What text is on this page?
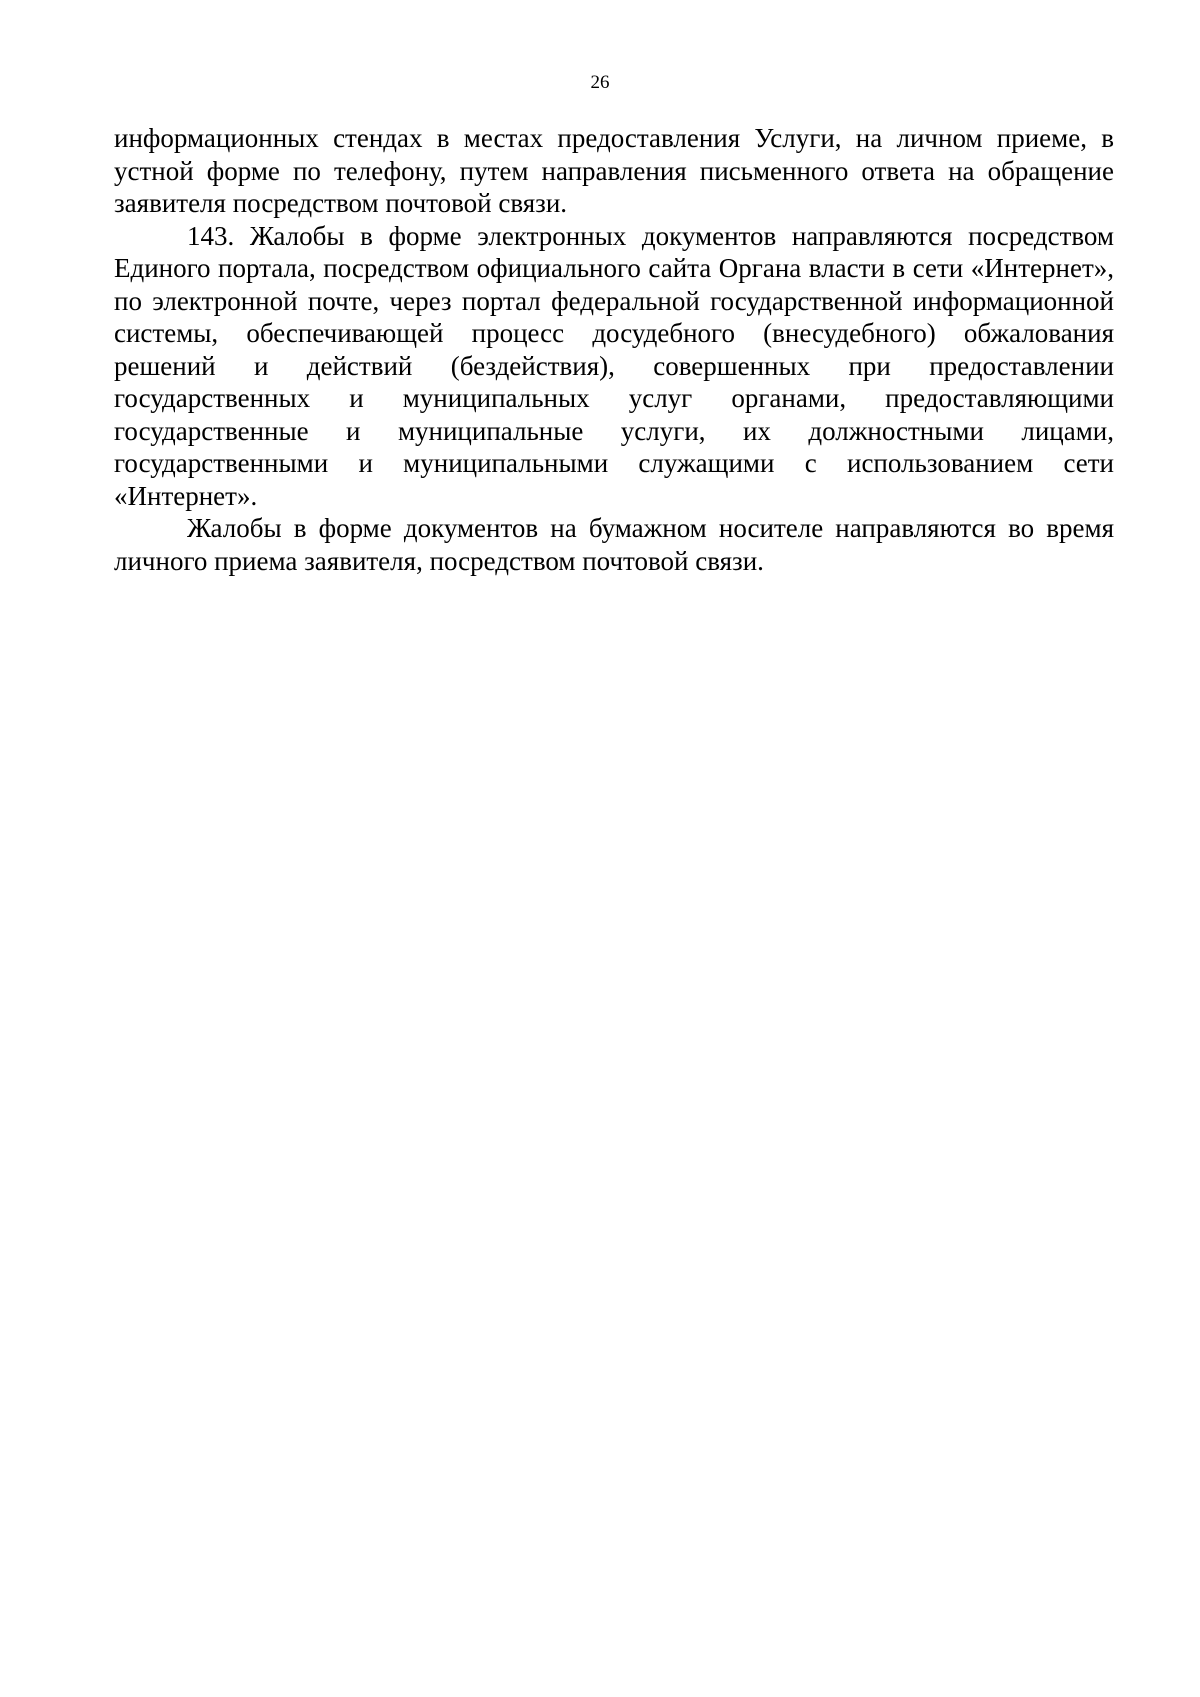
26

информационных стендах в местах предоставления Услуги, на личном приеме, в устной форме по телефону, путем направления письменного ответа на обращение заявителя посредством почтовой связи.

143. Жалобы в форме электронных документов направляются посредством Единого портала, посредством официального сайта Органа власти в сети «Интернет», по электронной почте, через портал федеральной государственной информационной системы, обеспечивающей процесс досудебного (внесудебного) обжалования решений и действий (бездействия), совершенных при предоставлении государственных и муниципальных услуг органами, предоставляющими государственные и муниципальные услуги, их должностными лицами, государственными и муниципальными служащими с использованием сети «Интернет».

Жалобы в форме документов на бумажном носителе направляются во время личного приема заявителя, посредством почтовой связи.
